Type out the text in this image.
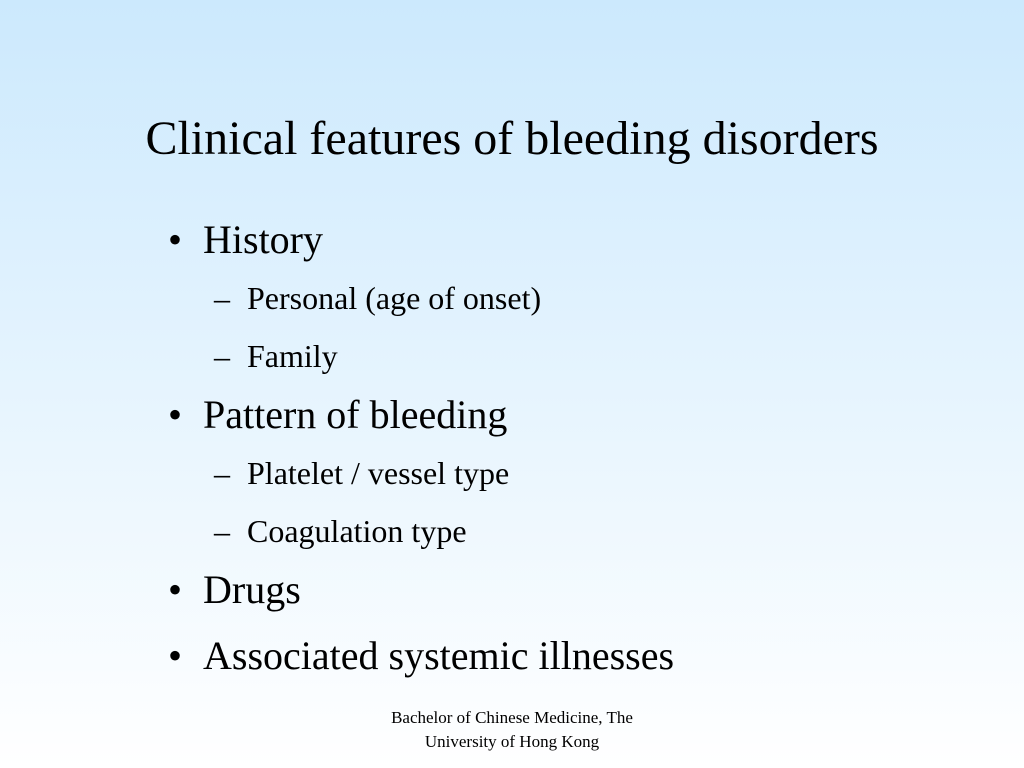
Clinical features of bleeding disorders
• History
– Personal (age of onset)
– Family
• Pattern of bleeding
– Platelet / vessel type
– Coagulation type
• Drugs
• Associated systemic illnesses
Bachelor of Chinese Medicine, The
University of Hong Kong
